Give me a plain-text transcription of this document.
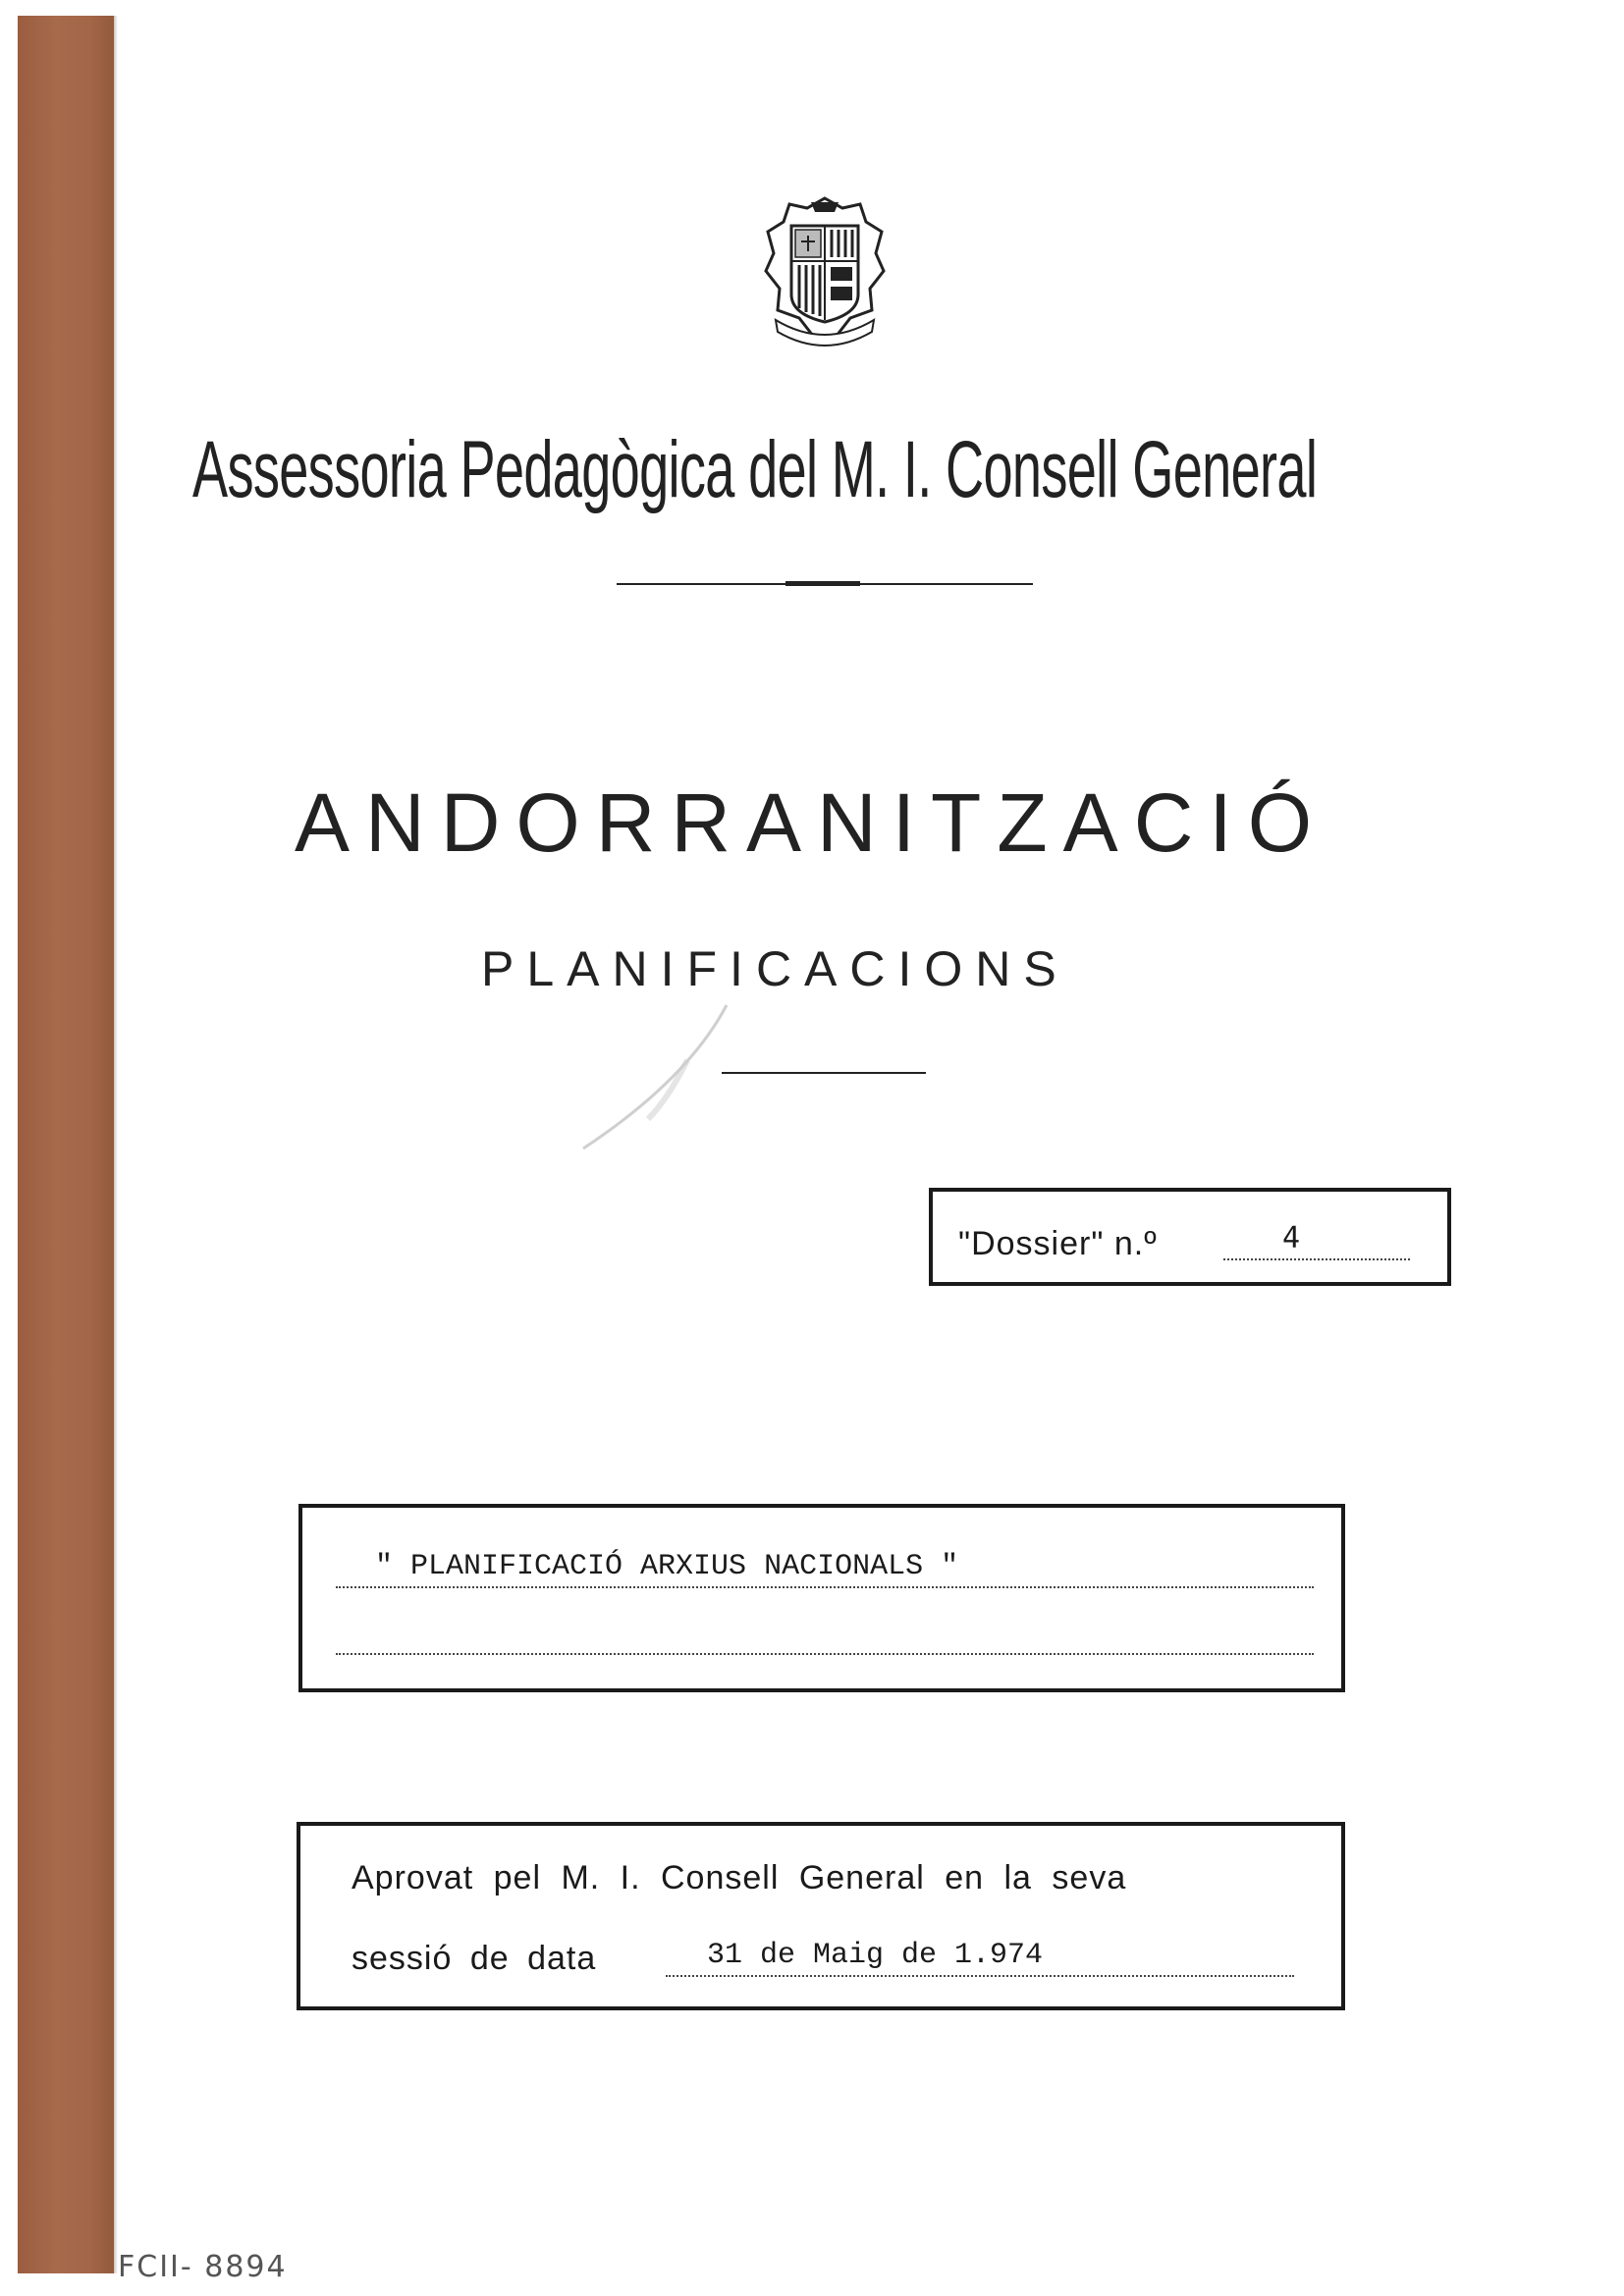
Assessoria Pedagògica del M. I. Consell General
ANDORRANITZACIÓ
PLANIFICACIONS
"Dossier" n.º	4
" PLANIFICACIÓ ARXIUS NACIONALS "
Aprovat pel M. I. Consell General en la seva
sessió de data	31 de Maig de 1.974
FCII- 8894
